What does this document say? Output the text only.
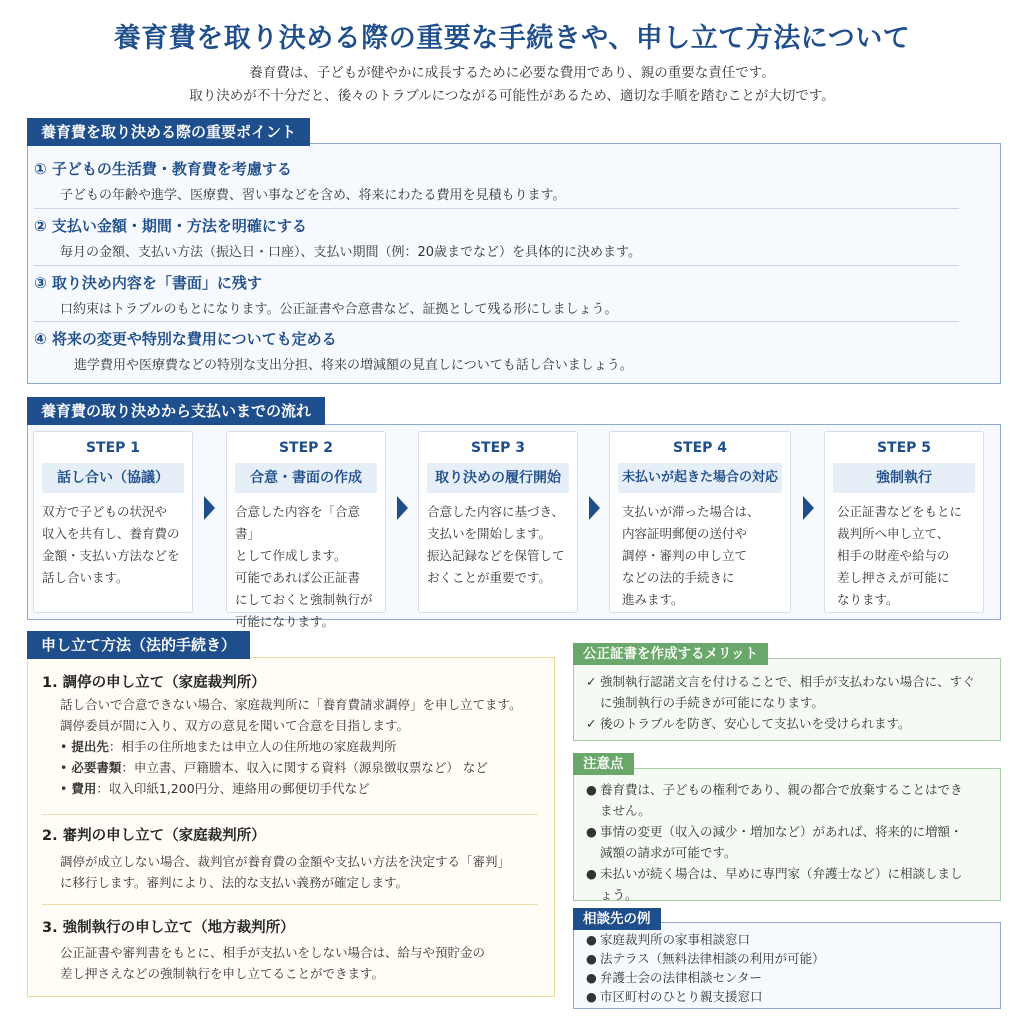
養育費を取り決める際の重要な手続きや、申し立て方法について
養育費は、子どもが健やかに成長するために必要な費用であり、親の重要な責任です。
取り決めが不十分だと、後々のトラブルにつながる可能性があるため、適切な手順を踏むことが大切です。
養育費を取り決める際の重要ポイント
① 子どもの生活費・教育費を考慮する
子どもの年齢や進学、医療費、習い事などを含め、将来にわたる費用を見積もります。
② 支払い金額・期間・方法を明確にする
毎月の金額、支払い方法（振込日・口座）、支払い期間（例：20歳までなど）を具体的に決めます。
③ 取り決め内容を「書面」に残す
口約束はトラブルのもとになります。公正証書や合意書など、証拠として残る形にしましょう。
④ 将来の変更や特別な費用についても定める
進学費用や医療費などの特別な支出分担、将来の増減額の見直しについても話し合いましょう。
養育費の取り決めから支払いまでの流れ
STEP 1
話し合い（協議）
双方で子どもの状況や
収入を共有し、養育費の
金額・支払い方法などを
話し合います。
STEP 2
合意・書面の作成
合意した内容を「合意書」
として作成します。
可能であれば公正証書
にしておくと強制執行が
可能になります。
STEP 3
取り決めの履行開始
合意した内容に基づき、
支払いを開始します。
振込記録などを保管して
おくことが重要です。
STEP 4
未払いが起きた場合の対応
支払いが滞った場合は、
内容証明郵便の送付や
調停・審判の申し立て
などの法的手続きに
進みます。
STEP 5
強制執行
公正証書などをもとに
裁判所へ申し立て、
相手の財産や給与の
差し押さえが可能に
なります。
申し立て方法（法的手続き）
1. 調停の申し立て（家庭裁判所）
話し合いで合意できない場合、家庭裁判所に「養育費請求調停」を申し立てます。
調停委員が間に入り、双方の意見を聞いて合意を目指します。
• 提出先：相手の住所地または申立人の住所地の家庭裁判所
• 必要書類：申立書、戸籍謄本、収入に関する資料（源泉徴収票など） など
• 費用：収入印紙1,200円分、連絡用の郵便切手代など
2. 審判の申し立て（家庭裁判所）
調停が成立しない場合、裁判官が養育費の金額や支払い方法を決定する「審判」
に移行します。審判により、法的な支払い義務が確定します。
3. 強制執行の申し立て（地方裁判所）
公正証書や審判書をもとに、相手が支払いをしない場合は、給与や預貯金の
差し押さえなどの強制執行を申し立てることができます。
公正証書を作成するメリット
✓ 強制執行認諾文言を付けることで、相手が支払わない場合に、すぐに強制執行の手続きが可能になります。
✓ 後のトラブルを防ぎ、安心して支払いを受けられます。
注意点
● 養育費は、子どもの権利であり、親の都合で放棄することはできません。
● 事情の変更（収入の減少・増加など）があれば、将来的に増額・減額の請求が可能です。
● 未払いが続く場合は、早めに専門家（弁護士など）に相談しましょう。
相談先の例
● 家庭裁判所の家事相談窓口
● 法テラス（無料法律相談の利用が可能）
● 弁護士会の法律相談センター
● 市区町村のひとり親支援窓口
